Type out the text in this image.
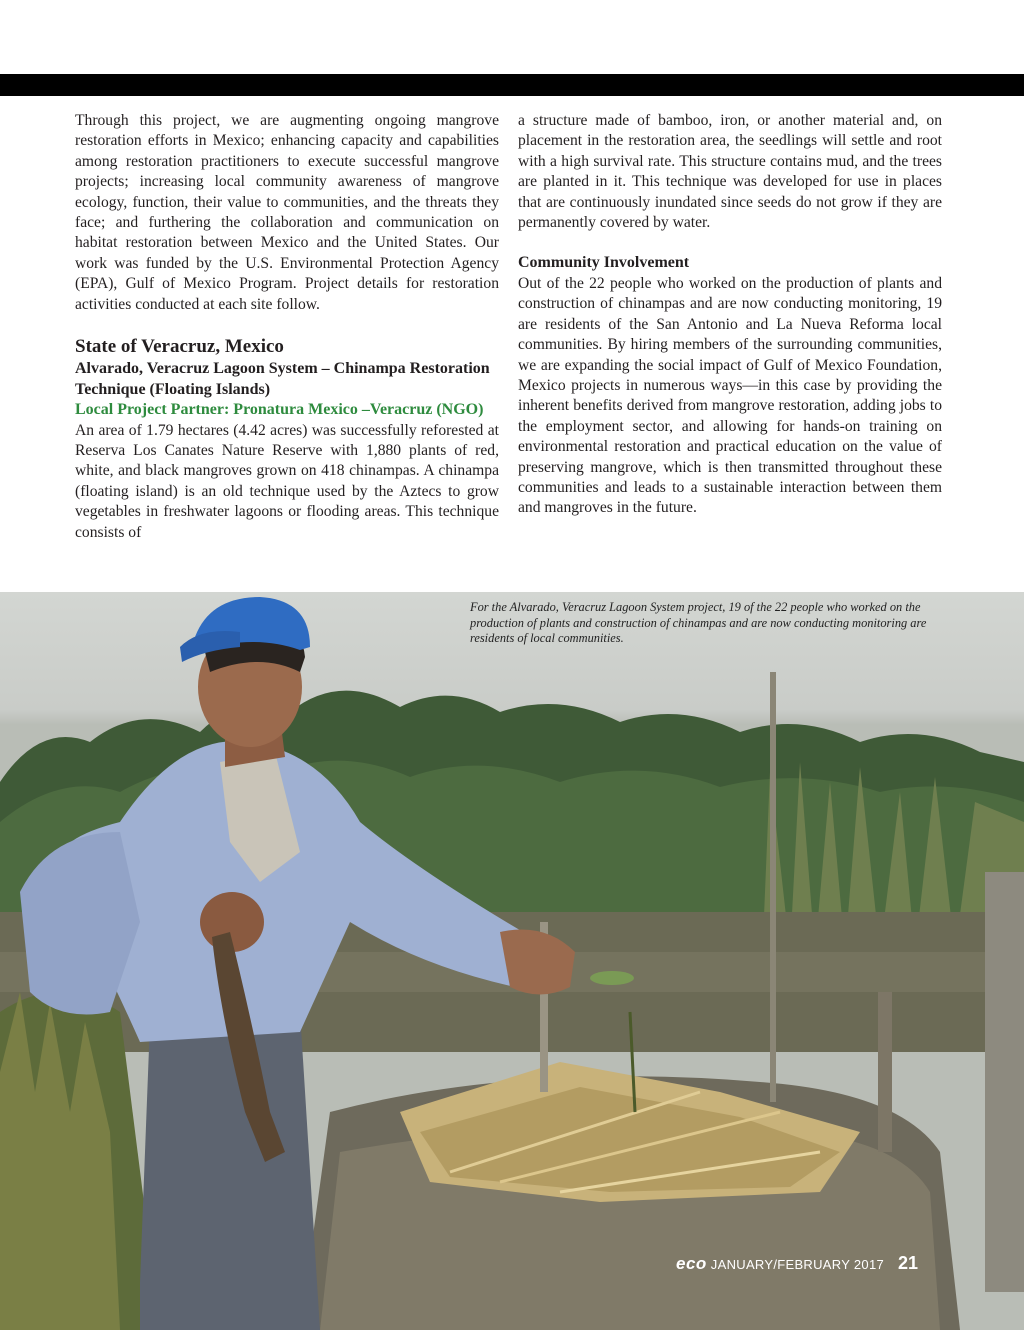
Through this project, we are augmenting ongoing mangrove restoration efforts in Mexico; enhancing capacity and capabilities among restoration practitioners to execute successful mangrove projects; increasing local community awareness of mangrove ecology, function, their value to communities, and the threats they face; and furthering the collaboration and communication on habitat restoration between Mexico and the United States. Our work was funded by the U.S. Environmental Protection Agency (EPA), Gulf of Mexico Program. Project details for restoration activities conducted at each site follow.

State of Veracruz, Mexico

Alvarado, Veracruz Lagoon System – Chinampa Restoration Technique (Floating Islands)

Local Project Partner: Pronatura Mexico –Veracruz (NGO)

An area of 1.79 hectares (4.42 acres) was successfully reforested at Reserva Los Canates Nature Reserve with 1,880 plants of red, white, and black mangroves grown on 418 chinampas. A chinampa (floating island) is an old technique used by the Aztecs to grow vegetables in freshwater lagoons or flooding areas. This technique consists of

a structure made of bamboo, iron, or another material and, on placement in the restoration area, the seedlings will settle and root with a high survival rate. This structure contains mud, and the trees are planted in it. This technique was developed for use in places that are continuously inundated since seeds do not grow if they are permanently covered by water.

Community Involvement

Out of the 22 people who worked on the production of plants and construction of chinampas and are now conducting monitoring, 19 are residents of the San Antonio and La Nueva Reforma local communities. By hiring members of the surrounding communities, we are expanding the social impact of Gulf of Mexico Foundation, Mexico projects in numerous ways—in this case by providing the inherent benefits derived from mangrove restoration, adding jobs to the employment sector, and allowing for hands-on training on environmental restoration and practical education on the value of preserving mangrove, which is then transmitted throughout these communities and leads to a sustainable interaction between them and mangroves in the future.

For the Alvarado, Veracruz Lagoon System project, 19 of the 22 people who worked on the production of plants and construction of chinampas and are now conducting monitoring are residents of local communities.

eco JANUARY/FEBRUARY 2017 21
